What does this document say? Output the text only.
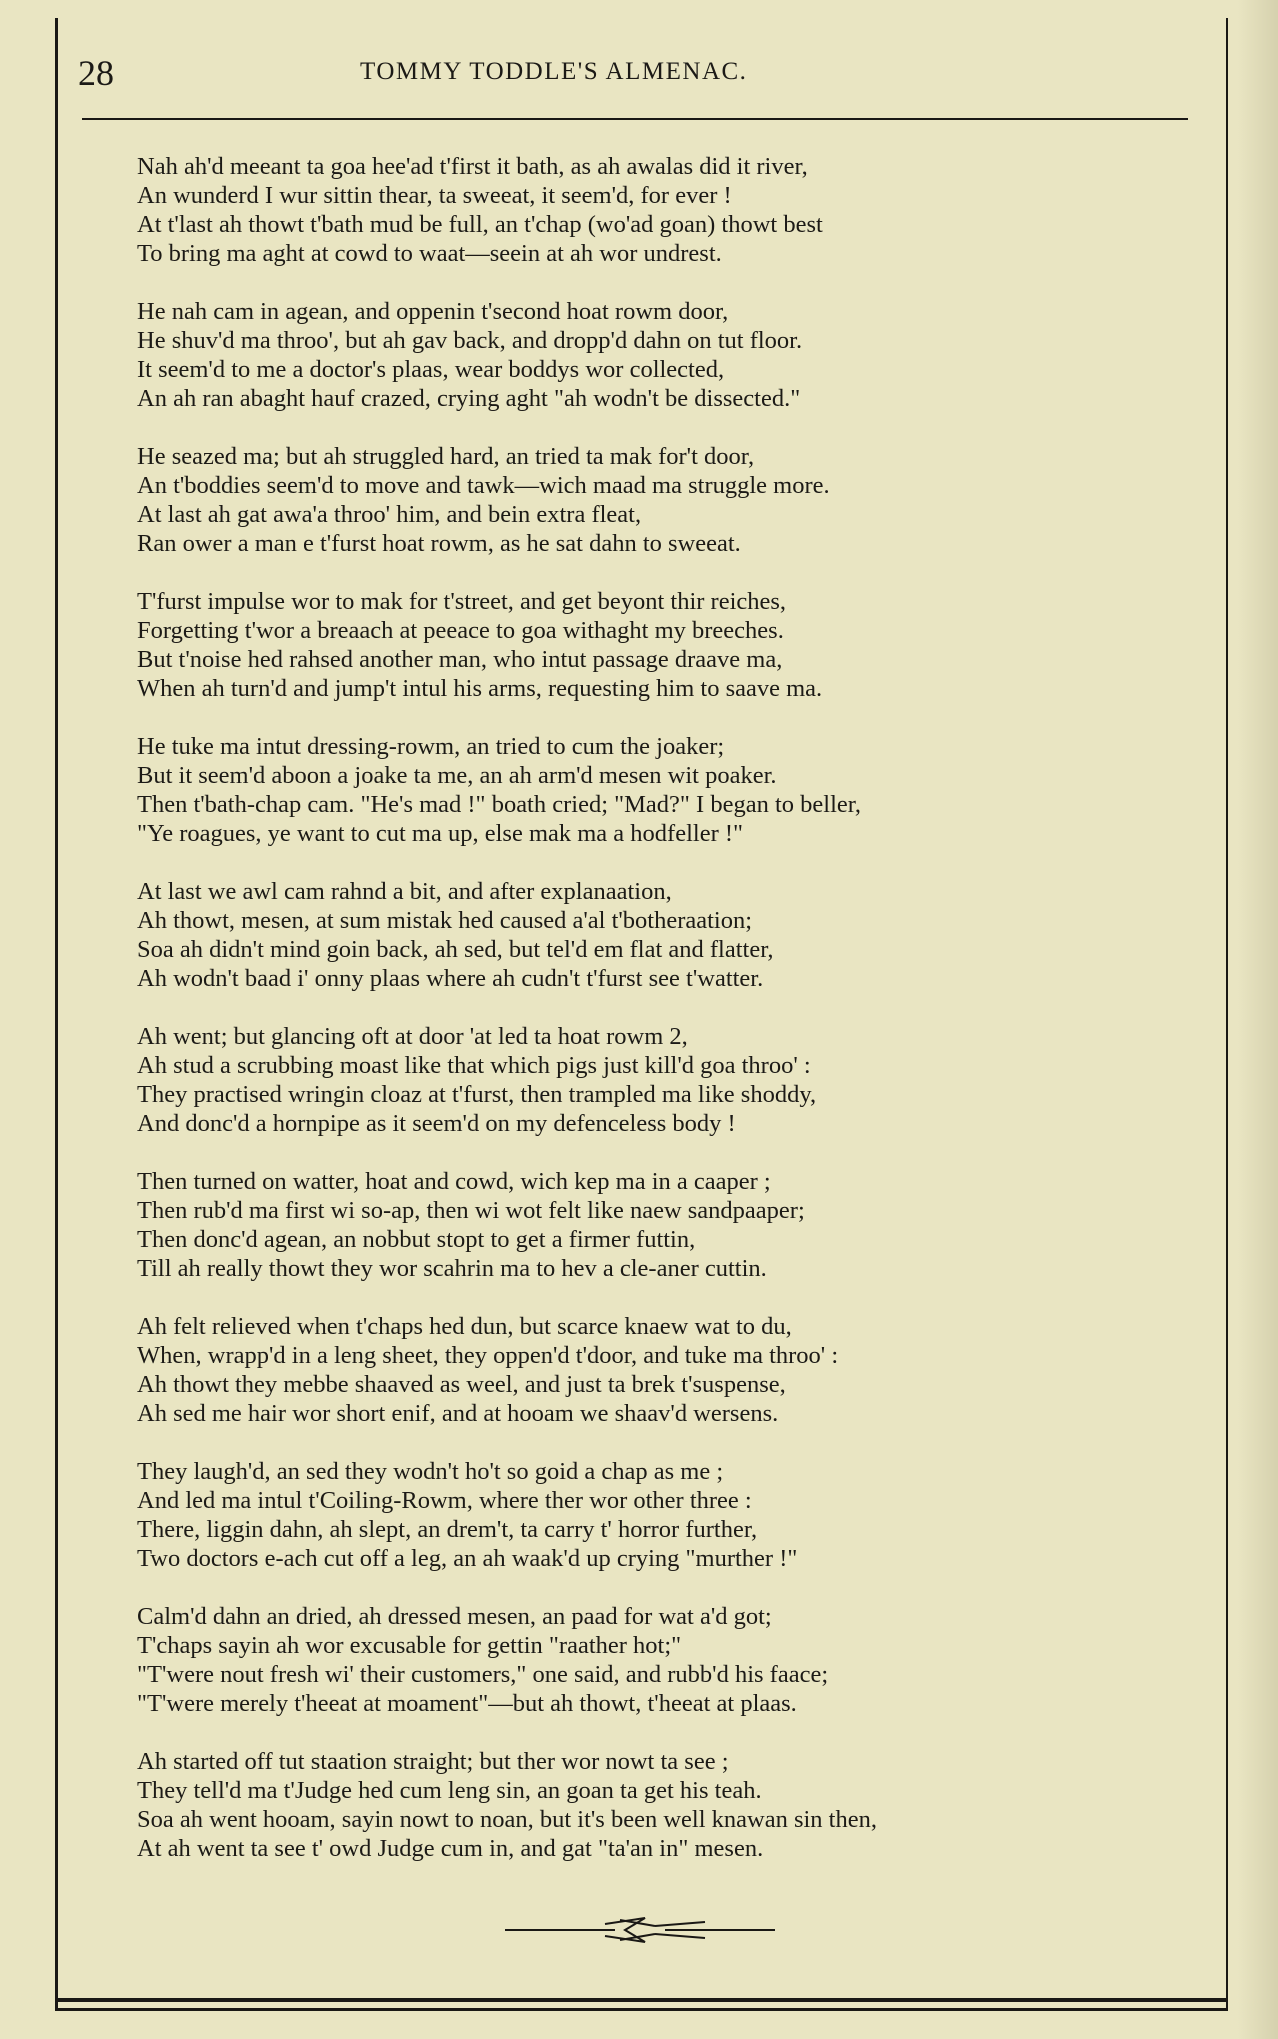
28	TOMMY TODDLE'S ALMENAC.
Nah ah'd meeant ta goa hee'ad t'first it bath, as ah awalas did it river,
An wunderd I wur sittin thear, ta sweeat, it seem'd, for ever !
At t'last ah thowt t'bath mud be full, an t'chap (wo'ad goan) thowt best
To bring ma aght at cowd to waat—seein at ah wor undrest.
He nah cam in agean, and oppenin t'second hoat rowm door,
He shuv'd ma throo', but ah gav back, and dropp'd dahn on tut floor.
It seem'd to me a doctor's plaas, wear boddys wor collected,
An ah ran abaght hauf crazed, crying aght "ah wodn't be dissected."
He seazed ma; but ah struggled hard, an tried ta mak for't door,
An t'boddies seem'd to move and tawk—wich maad ma struggle more.
At last ah gat awa'a throo' him, and bein extra fleat,
Ran ower a man e t'furst hoat rowm, as he sat dahn to sweeat.
T'furst impulse wor to mak for t'street, and get beyont thir reiches,
Forgetting t'wor a breaach at peeace to goa withaght my breeches.
But t'noise hed rahsed another man, who intut passage draave ma,
When ah turn'd and jump't intul his arms, requesting him to saave ma.
He tuke ma intut dressing-rowm, an tried to cum the joaker;
But it seem'd aboon a joake ta me, an ah arm'd mesen wit poaker.
Then t'bath-chap cam. "He's mad !" boath cried; "Mad?" I began to beller,
"Ye roagues, ye want to cut ma up, else mak ma a hodfeller !"
At last we awl cam rahnd a bit, and after explanaation,
Ah thowt, mesen, at sum mistak hed caused a'al t'botheraation;
Soa ah didn't mind goin back, ah sed, but tel'd em flat and flatter,
Ah wodn't baad i' onny plaas where ah cudn't t'furst see t'watter.
Ah went; but glancing oft at door 'at led ta hoat rowm 2,
Ah stud a scrubbing moast like that which pigs just kill'd goa throo' :
They practised wringin cloaz at t'furst, then trampled ma like shoddy,
And donc'd a hornpipe as it seem'd on my defenceless body !
Then turned on watter, hoat and cowd, wich kep ma in a caaper ;
Then rub'd ma first wi so-ap, then wi wot felt like naew sandpaaper;
Then donc'd agean, an nobbut stopt to get a firmer futtin,
Till ah really thowt they wor scahrin ma to hev a cle-aner cuttin.
Ah felt relieved when t'chaps hed dun, but scarce knaew wat to du,
When, wrapp'd in a leng sheet, they oppen'd t'door, and tuke ma throo' :
Ah thowt they mebbe shaaved as weel, and just ta brek t'suspense,
Ah sed me hair wor short enif, and at hooam we shaav'd wersens.
They laugh'd, an sed they wodn't ho't so goid a chap as me ;
And led ma intul t'Coiling-Rowm, where ther wor other three :
There, liggin dahn, ah slept, an drem't, ta carry t' horror further,
Two doctors e-ach cut off a leg, an ah waak'd up crying "murther !"
Calm'd dahn an dried, ah dressed mesen, an paad for wat a'd got;
T'chaps sayin ah wor excusable for gettin "raather hot;"
"T'were nout fresh wi' their customers," one said, and rubb'd his faace;
"T'were merely t'heeat at moament"—but ah thowt, t'heeat at plaas.
Ah started off tut staation straight; but ther wor nowt ta see ;
They tell'd ma t'Judge hed cum leng sin, an goan ta get his teah.
Soa ah went hooam, sayin nowt to noan, but it's been well knawan sin then,
At ah went ta see t' owd Judge cum in, and gat "ta'an in" mesen.
